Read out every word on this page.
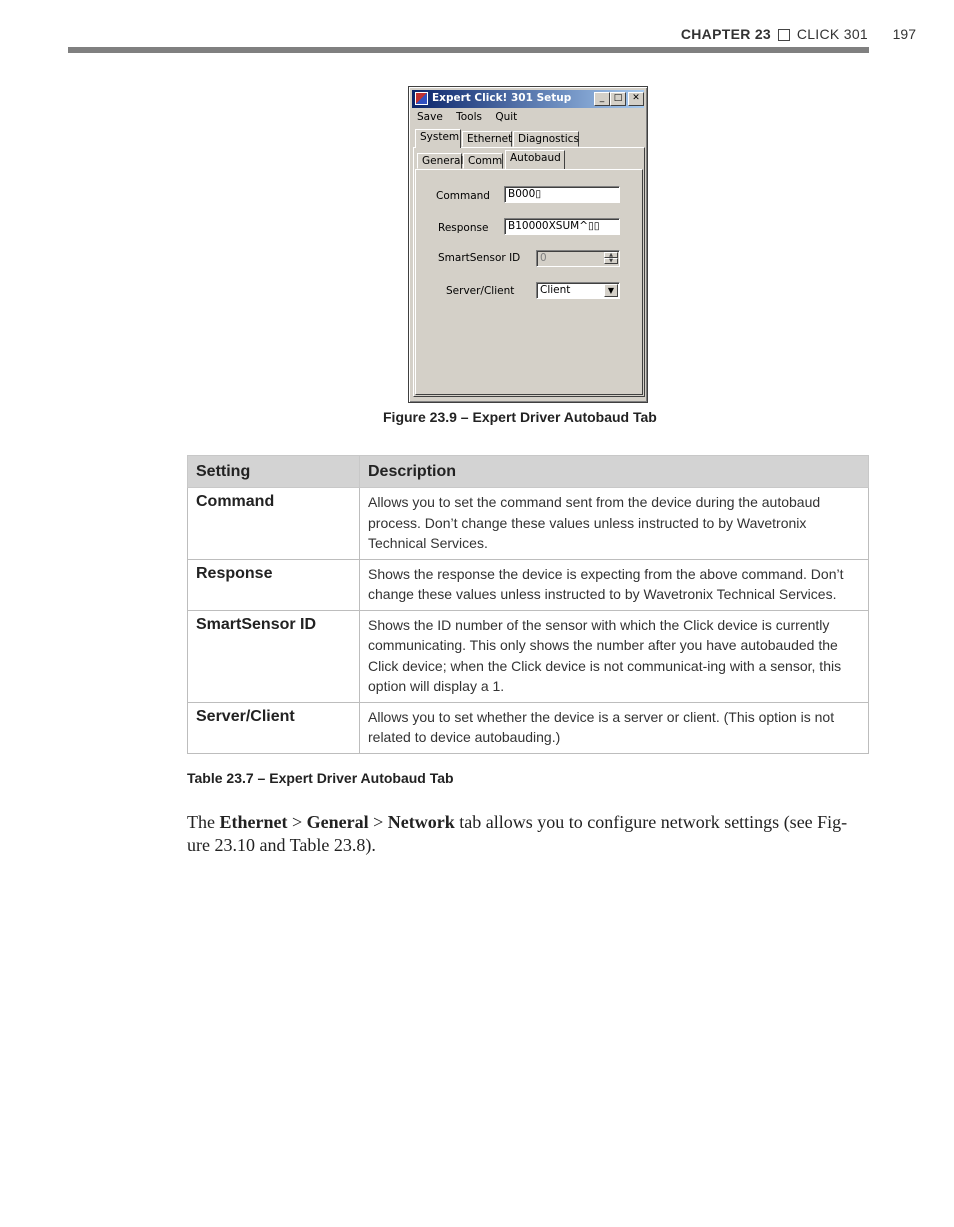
CHAPTER 23 CLICK 301 197
Expert Click! 301 Setup	_	□	✕
Save Tools Quit
System Ethernet Diagnostics
General Comm Autobaud
Command	B000▯
Response	B10000XSUM^▯▯
SmartSensor ID	0	▲
▼
Server/Client	Client	▼
Figure 23.9 – Expert Driver Autobaud Tab
Setting	Description
Command	Allows you to set the command sent from the device during the autobaud process. Don’t change these values unless instructed to by Wavetronix Technical Services.
Response	Shows the response the device is expecting from the above command. Don’t change these values unless instructed to by Wavetronix Technical Services.
SmartSensor ID	Shows the ID number of the sensor with which the Click device is currently communicating. This only shows the number after you have autobauded the Click device; when the Click device is not communicat-ing with a sensor, this option will display a 1.
Server/Client	Allows you to set whether the device is a server or client. (This option is not related to device autobauding.)
Table 23.7 – Expert Driver Autobaud Tab

The Ethernet > General > Network tab allows you to configure network settings (see Fig-ure 23.10 and Table 23.8).
